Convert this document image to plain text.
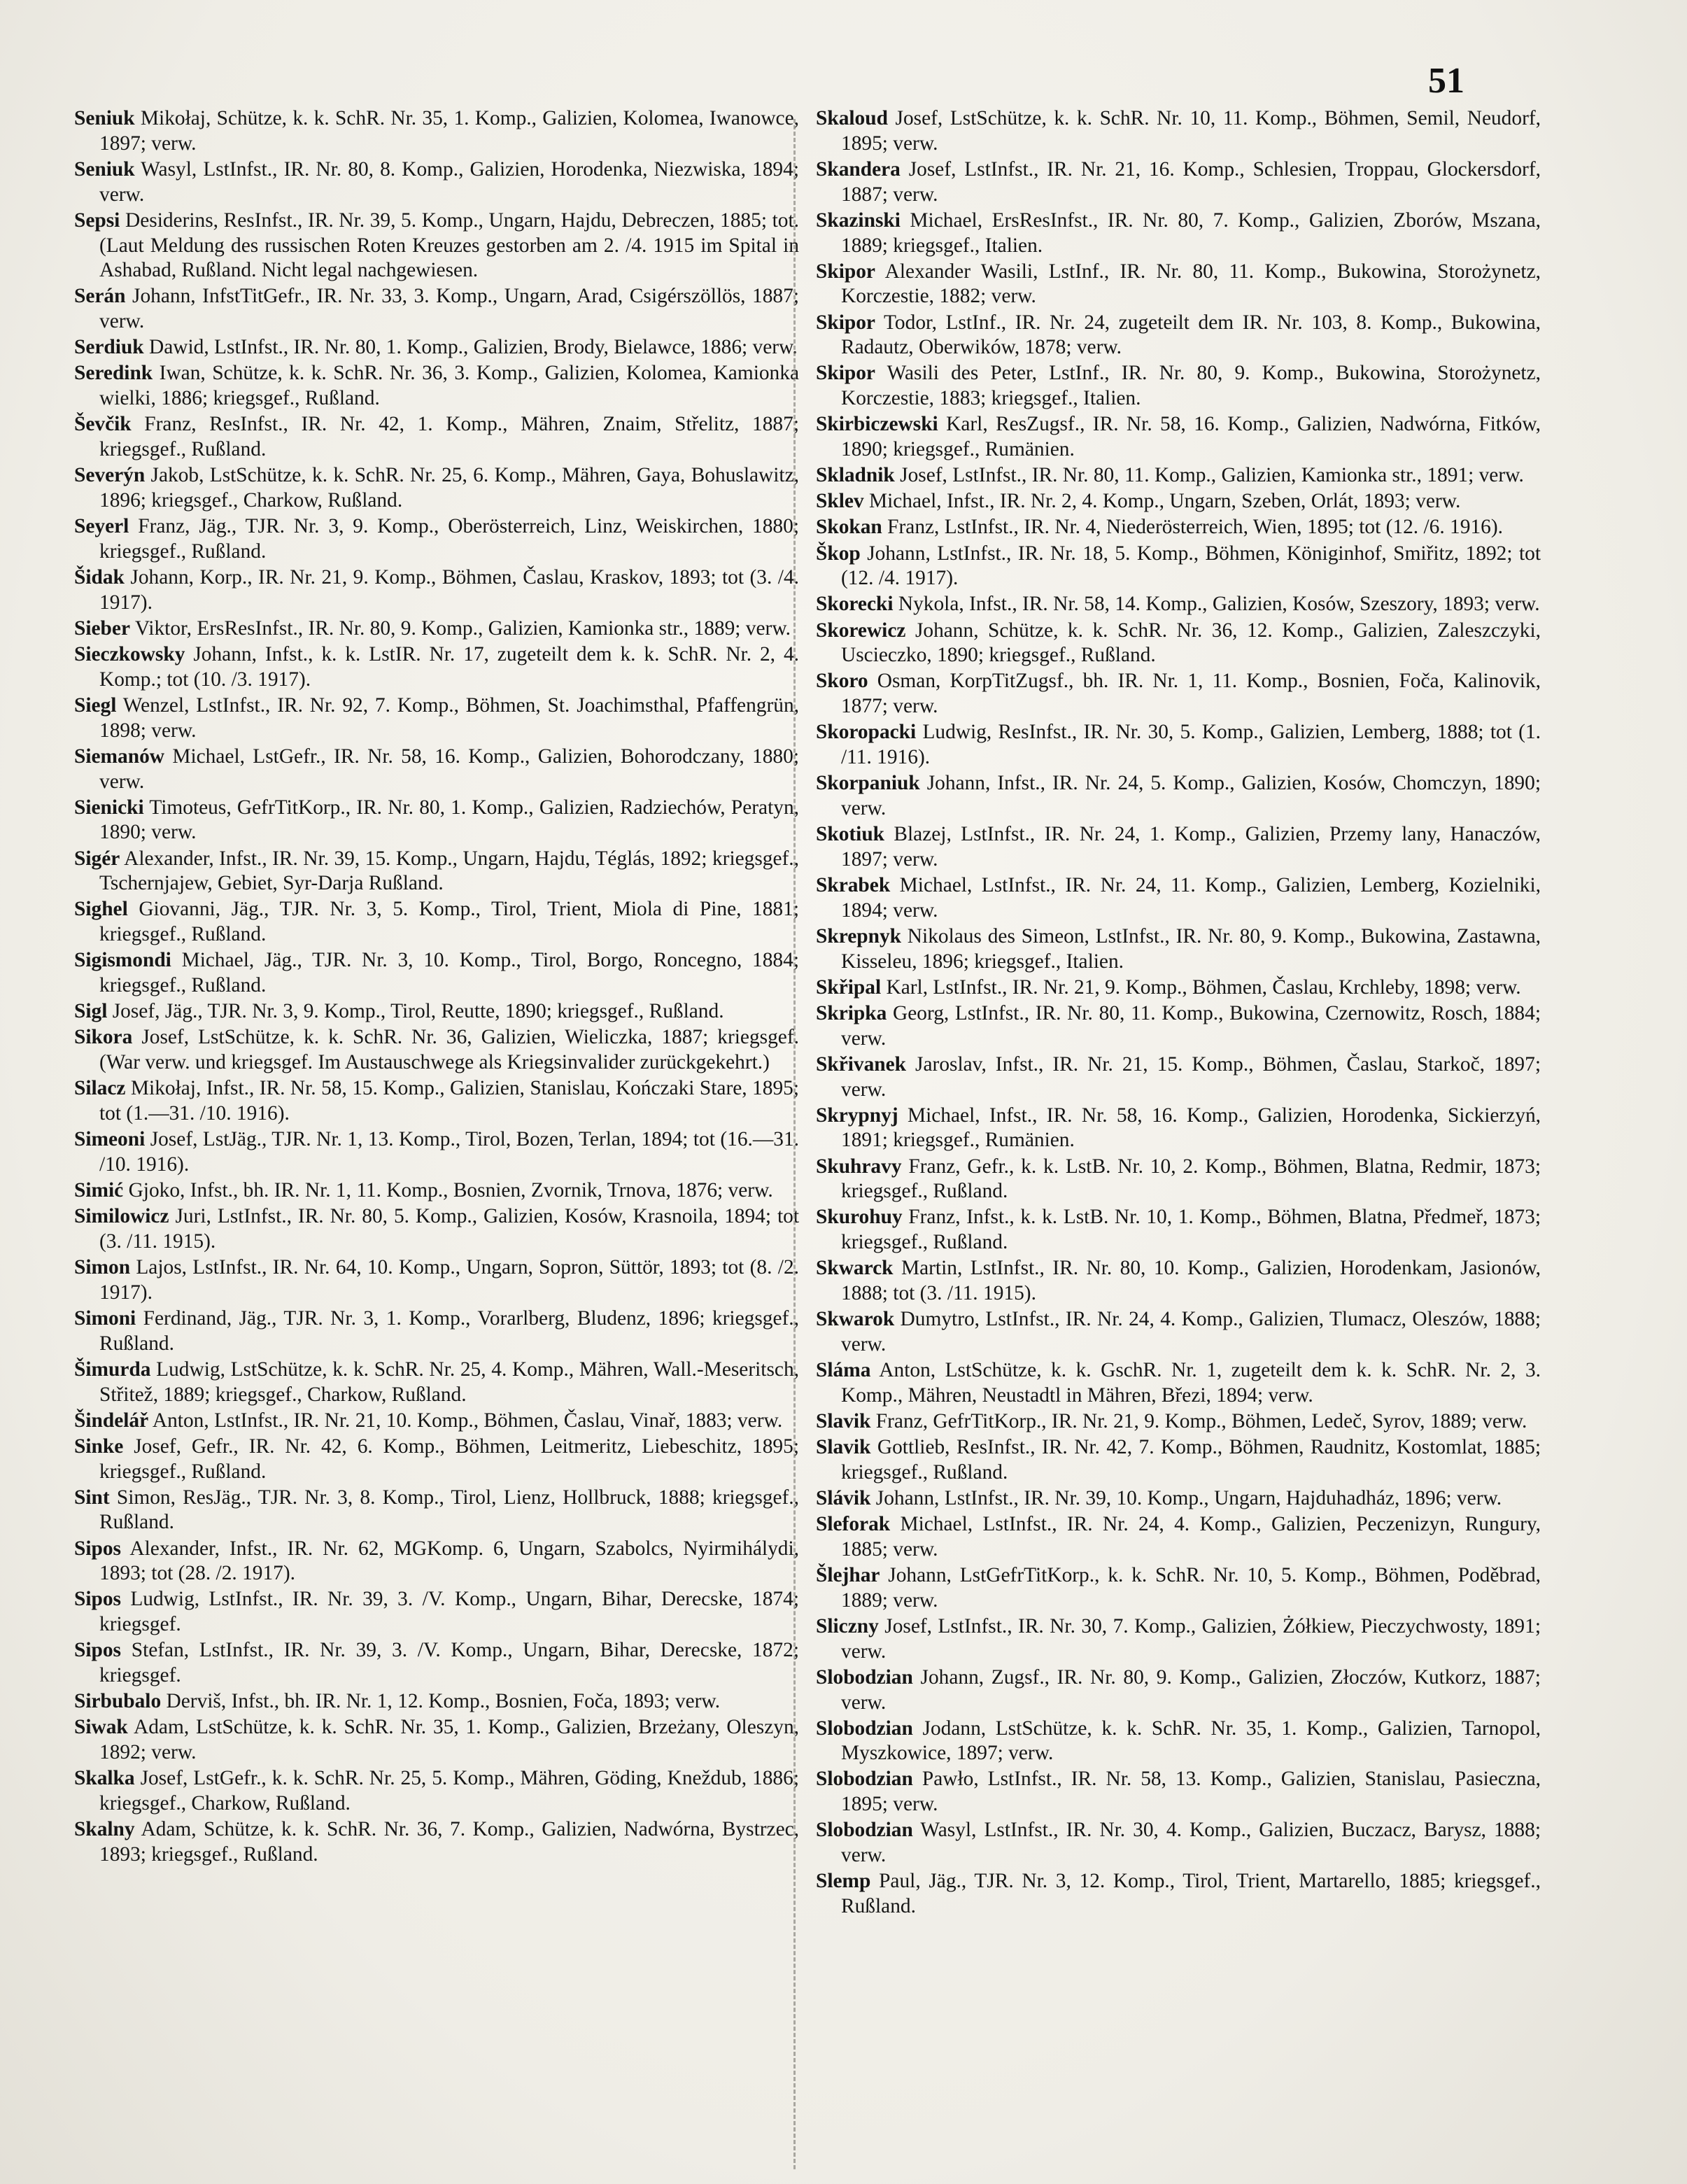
51

Seniuk Mikołaj, Schütze, k. k. SchR. Nr. 35, 1. Komp., Galizien, Kolomea, Iwanowce, 1897; verw.

Seniuk Wasyl, LstInfst., IR. Nr. 80, 8. Komp., Galizien, Horodenka, Niezwiska, 1894; verw.

Sepsi Desiderins, ResInfst., IR. Nr. 39, 5. Komp., Ungarn, Hajdu, Debreczen, 1885; tot. (Laut Meldung des russischen Roten Kreuzes gestorben am 2. /4. 1915 im Spital in Ashabad, Rußland. Nicht legal nachgewiesen.

Serán Johann, InfstTitGefr., IR. Nr. 33, 3. Komp., Ungarn, Arad, Csigérszöllös, 1887; verw.

Serdiuk Dawid, LstInfst., IR. Nr. 80, 1. Komp., Galizien, Brody, Bielawce, 1886; verw.

Seredink Iwan, Schütze, k. k. SchR. Nr. 36, 3. Komp., Galizien, Kolomea, Kamionka wielki, 1886; kriegsgef., Rußland.

Ševčik Franz, ResInfst., IR. Nr. 42, 1. Komp., Mähren, Znaim, Střelitz, 1887; kriegsgef., Rußland.

Severýn Jakob, LstSchütze, k. k. SchR. Nr. 25, 6. Komp., Mähren, Gaya, Bohuslawitz, 1896; kriegsgef., Charkow, Rußland.

Seyerl Franz, Jäg., TJR. Nr. 3, 9. Komp., Oberösterreich, Linz, Weiskirchen, 1880; kriegsgef., Rußland.

Šidak Johann, Korp., IR. Nr. 21, 9. Komp., Böhmen, Časlau, Kraskov, 1893; tot (3. /4. 1917).

Sieber Viktor, ErsResInfst., IR. Nr. 80, 9. Komp., Galizien, Kamionka str., 1889; verw.

Sieczkowsky Johann, Infst., k. k. LstIR. Nr. 17, zugeteilt dem k. k. SchR. Nr. 2, 4. Komp.; tot (10. /3. 1917).

Siegl Wenzel, LstInfst., IR. Nr. 92, 7. Komp., Böhmen, St. Joachimsthal, Pfaffengrün, 1898; verw.

Siemanów Michael, LstGefr., IR. Nr. 58, 16. Komp., Galizien, Bohorodczany, 1880; verw.

Sienicki Timoteus, GefrTitKorp., IR. Nr. 80, 1. Komp., Galizien, Radziechów, Peratyn, 1890; verw.

Sigér Alexander, Infst., IR. Nr. 39, 15. Komp., Ungarn, Hajdu, Téglás, 1892; kriegsgef., Tschernjajew, Gebiet, Syr-Darja Rußland.

Sighel Giovanni, Jäg., TJR. Nr. 3, 5. Komp., Tirol, Trient, Miola di Pine, 1881; kriegsgef., Rußland.

Sigismondi Michael, Jäg., TJR. Nr. 3, 10. Komp., Tirol, Borgo, Roncegno, 1884; kriegsgef., Rußland.

Sigl Josef, Jäg., TJR. Nr. 3, 9. Komp., Tirol, Reutte, 1890; kriegsgef., Rußland.

Sikora Josef, LstSchütze, k. k. SchR. Nr. 36, Galizien, Wieliczka, 1887; kriegsgef. (War verw. und kriegsgef. Im Austauschwege als Kriegsinvalider zurückgekehrt.)

Silacz Mikołaj, Infst., IR. Nr. 58, 15. Komp., Galizien, Stanislau, Kończaki Stare, 1895; tot (1.—31. /10. 1916).

Simeoni Josef, LstJäg., TJR. Nr. 1, 13. Komp., Tirol, Bozen, Terlan, 1894; tot (16.—31. /10. 1916).

Simić Gjoko, Infst., bh. IR. Nr. 1, 11. Komp., Bosnien, Zvornik, Trnova, 1876; verw.

Similowicz Juri, LstInfst., IR. Nr. 80, 5. Komp., Galizien, Kosów, Krasnoila, 1894; tot (3. /11. 1915).

Simon Lajos, LstInfst., IR. Nr. 64, 10. Komp., Ungarn, Sopron, Süttör, 1893; tot (8. /2. 1917).

Simoni Ferdinand, Jäg., TJR. Nr. 3, 1. Komp., Vorarlberg, Bludenz, 1896; kriegsgef., Rußland.

Šimurda Ludwig, LstSchütze, k. k. SchR. Nr. 25, 4. Komp., Mähren, Wall.-Meseritsch, Střitež, 1889; kriegsgef., Charkow, Rußland.

Šindelář Anton, LstInfst., IR. Nr. 21, 10. Komp., Böhmen, Časlau, Vinař, 1883; verw.

Sinke Josef, Gefr., IR. Nr. 42, 6. Komp., Böhmen, Leitmeritz, Liebeschitz, 1895; kriegsgef., Rußland.

Sint Simon, ResJäg., TJR. Nr. 3, 8. Komp., Tirol, Lienz, Hollbruck, 1888; kriegsgef., Rußland.

Sipos Alexander, Infst., IR. Nr. 62, MGKomp. 6, Ungarn, Szabolcs, Nyirmihálydi, 1893; tot (28. /2. 1917).

Sipos Ludwig, LstInfst., IR. Nr. 39, 3. /V. Komp., Ungarn, Bihar, Derecske, 1874; kriegsgef.

Sipos Stefan, LstInfst., IR. Nr. 39, 3. /V. Komp., Ungarn, Bihar, Derecske, 1872; kriegsgef.

Sirbubalo Derviš, Infst., bh. IR. Nr. 1, 12. Komp., Bosnien, Foča, 1893; verw.

Siwak Adam, LstSchütze, k. k. SchR. Nr. 35, 1. Komp., Galizien, Brzeżany, Oleszyn, 1892; verw.

Skalka Josef, LstGefr., k. k. SchR. Nr. 25, 5. Komp., Mähren, Göding, Kneždub, 1886; kriegsgef., Charkow, Rußland.

Skalny Adam, Schütze, k. k. SchR. Nr. 36, 7. Komp., Galizien, Nadwórna, Bystrzec, 1893; kriegsgef., Rußland.

Skaloud Josef, LstSchütze, k. k. SchR. Nr. 10, 11. Komp., Böhmen, Semil, Neudorf, 1895; verw.

Skandera Josef, LstInfst., IR. Nr. 21, 16. Komp., Schlesien, Troppau, Glockersdorf, 1887; verw.

Skazinski Michael, ErsResInfst., IR. Nr. 80, 7. Komp., Galizien, Zborów, Mszana, 1889; kriegsgef., Italien.

Skipor Alexander Wasili, LstInf., IR. Nr. 80, 11. Komp., Bukowina, Storożynetz, Korczestie, 1882; verw.

Skipor Todor, LstInf., IR. Nr. 24, zugeteilt dem IR. Nr. 103, 8. Komp., Bukowina, Radautz, Oberwików, 1878; verw.

Skipor Wasili des Peter, LstInf., IR. Nr. 80, 9. Komp., Bukowina, Storożynetz, Korczestie, 1883; kriegsgef., Italien.

Skirbiczewski Karl, ResZugsf., IR. Nr. 58, 16. Komp., Galizien, Nadwórna, Fitków, 1890; kriegsgef., Rumänien.

Skladnik Josef, LstInfst., IR. Nr. 80, 11. Komp., Galizien, Kamionka str., 1891; verw.

Sklev Michael, Infst., IR. Nr. 2, 4. Komp., Ungarn, Szeben, Orlát, 1893; verw.

Skokan Franz, LstInfst., IR. Nr. 4, Niederösterreich, Wien, 1895; tot (12. /6. 1916).

Škop Johann, LstInfst., IR. Nr. 18, 5. Komp., Böhmen, Königinhof, Smiřitz, 1892; tot (12. /4. 1917).

Skorecki Nykola, Infst., IR. Nr. 58, 14. Komp., Galizien, Kosów, Szeszory, 1893; verw.

Skorewicz Johann, Schütze, k. k. SchR. Nr. 36, 12. Komp., Galizien, Zaleszczyki, Uscieczko, 1890; kriegsgef., Rußland.

Skoro Osman, KorpTitZugsf., bh. IR. Nr. 1, 11. Komp., Bosnien, Foča, Kalinovik, 1877; verw.

Skoropacki Ludwig, ResInfst., IR. Nr. 30, 5. Komp., Galizien, Lemberg, 1888; tot (1. /11. 1916).

Skorpaniuk Johann, Infst., IR. Nr. 24, 5. Komp., Galizien, Kosów, Chomczyn, 1890; verw.

Skotiuk Blazej, LstInfst., IR. Nr. 24, 1. Komp., Galizien, Przemy lany, Hanaczów, 1897; verw.

Skrabek Michael, LstInfst., IR. Nr. 24, 11. Komp., Galizien, Lemberg, Kozielniki, 1894; verw.

Skrepnyk Nikolaus des Simeon, LstInfst., IR. Nr. 80, 9. Komp., Bukowina, Zastawna, Kisseleu, 1896; kriegsgef., Italien.

Skřipal Karl, LstInfst., IR. Nr. 21, 9. Komp., Böhmen, Časlau, Krchleby, 1898; verw.

Skripka Georg, LstInfst., IR. Nr. 80, 11. Komp., Bukowina, Czernowitz, Rosch, 1884; verw.

Skřivanek Jaroslav, Infst., IR. Nr. 21, 15. Komp., Böhmen, Časlau, Starkoč, 1897; verw.

Skrypnyj Michael, Infst., IR. Nr. 58, 16. Komp., Galizien, Horodenka, Sickierzyń, 1891; kriegsgef., Rumänien.

Skuhravy Franz, Gefr., k. k. LstB. Nr. 10, 2. Komp., Böhmen, Blatna, Redmir, 1873; kriegsgef., Rußland.

Skurohuy Franz, Infst., k. k. LstB. Nr. 10, 1. Komp., Böhmen, Blatna, Předmeř, 1873; kriegsgef., Rußland.

Skwarck Martin, LstInfst., IR. Nr. 80, 10. Komp., Galizien, Horodenkam, Jasionów, 1888; tot (3. /11. 1915).

Skwarok Dumytro, LstInfst., IR. Nr. 24, 4. Komp., Galizien, Tlumacz, Oleszów, 1888; verw.

Sláma Anton, LstSchütze, k. k. GschR. Nr. 1, zugeteilt dem k. k. SchR. Nr. 2, 3. Komp., Mähren, Neustadtl in Mähren, Březi, 1894; verw.

Slavik Franz, GefrTitKorp., IR. Nr. 21, 9. Komp., Böhmen, Ledeč, Syrov, 1889; verw.

Slavik Gottlieb, ResInfst., IR. Nr. 42, 7. Komp., Böhmen, Raudnitz, Kostomlat, 1885; kriegsgef., Rußland.

Slávik Johann, LstInfst., IR. Nr. 39, 10. Komp., Ungarn, Hajduhadház, 1896; verw.

Sleforak Michael, LstInfst., IR. Nr. 24, 4. Komp., Galizien, Peczenizyn, Rungury, 1885; verw.

Šlejhar Johann, LstGefrTitKorp., k. k. SchR. Nr. 10, 5. Komp., Böhmen, Poděbrad, 1889; verw.

Sliczny Josef, LstInfst., IR. Nr. 30, 7. Komp., Galizien, Żółkiew, Pieczychwosty, 1891; verw.

Slobodzian Johann, Zugsf., IR. Nr. 80, 9. Komp., Galizien, Złoczów, Kutkorz, 1887; verw.

Slobodzian Jodann, LstSchütze, k. k. SchR. Nr. 35, 1. Komp., Galizien, Tarnopol, Myszkowice, 1897; verw.

Slobodzian Pawło, LstInfst., IR. Nr. 58, 13. Komp., Galizien, Stanislau, Pasieczna, 1895; verw.

Slobodzian Wasyl, LstInfst., IR. Nr. 30, 4. Komp., Galizien, Buczacz, Barysz, 1888; verw.

Slemp Paul, Jäg., TJR. Nr. 3, 12. Komp., Tirol, Trient, Martarello, 1885; kriegsgef., Rußland.
